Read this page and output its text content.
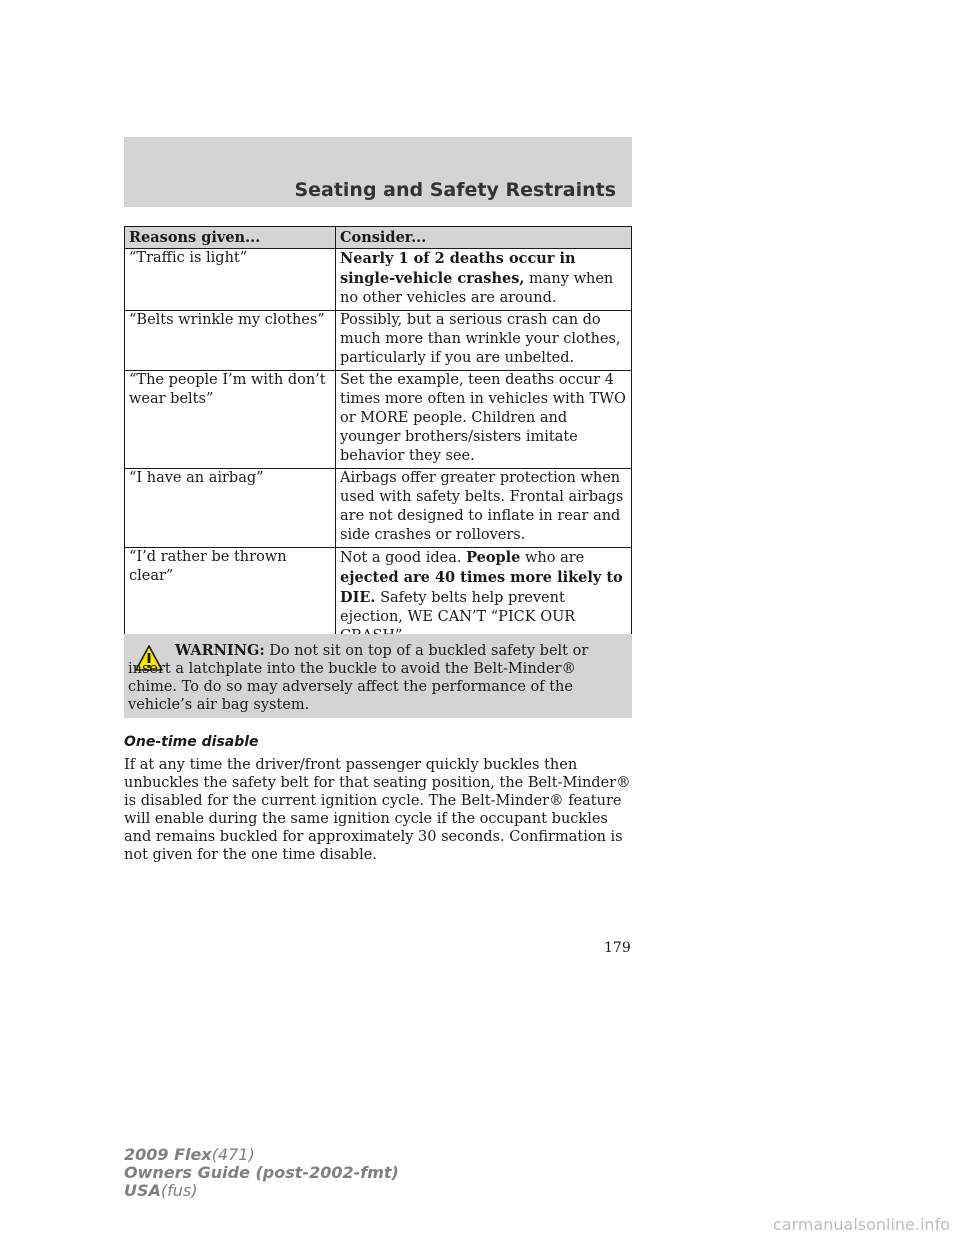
Seating and Safety Restraints
Reasons given...	Consider...
“Traffic is light”	Nearly 1 of 2 deaths occur in single-vehicle crashes, many when no other vehicles are around.
“Belts wrinkle my clothes”	Possibly, but a serious crash can do much more than wrinkle your clothes, particularly if you are unbelted.
“The people I’m with don’t wear belts”	Set the example, teen deaths occur 4 times more often in vehicles with TWO or MORE people. Children and younger brothers/sisters imitate behavior they see.
“I have an airbag”	Airbags offer greater protection when used with safety belts. Frontal airbags are not designed to inflate in rear and side crashes or rollovers.
“I’d rather be thrown clear”	Not a good idea. People who are ejected are 40 times more likely to DIE. Safety belts help prevent ejection, WE CAN’T “PICK OUR
WARNING: Do not sit on top of a buckled safety belt or insert a latchplate into the buckle to avoid the Belt-Minder® chime. To do so may adversely affect the performance of the vehicle’s air bag system.
One-time disable
If at any time the driver/front passenger quickly buckles then unbuckles the safety belt for that seating position, the Belt-Minder® is disabled for the current ignition cycle. The Belt-Minder® feature will enable during the same ignition cycle if the occupant buckles and remains buckled for approximately 30 seconds. Confirmation is not given for the one time disable.
179
2009 Flex(471)
Owners Guide (post-2002-fmt)
USA(fus)
carmanualsonline.info
